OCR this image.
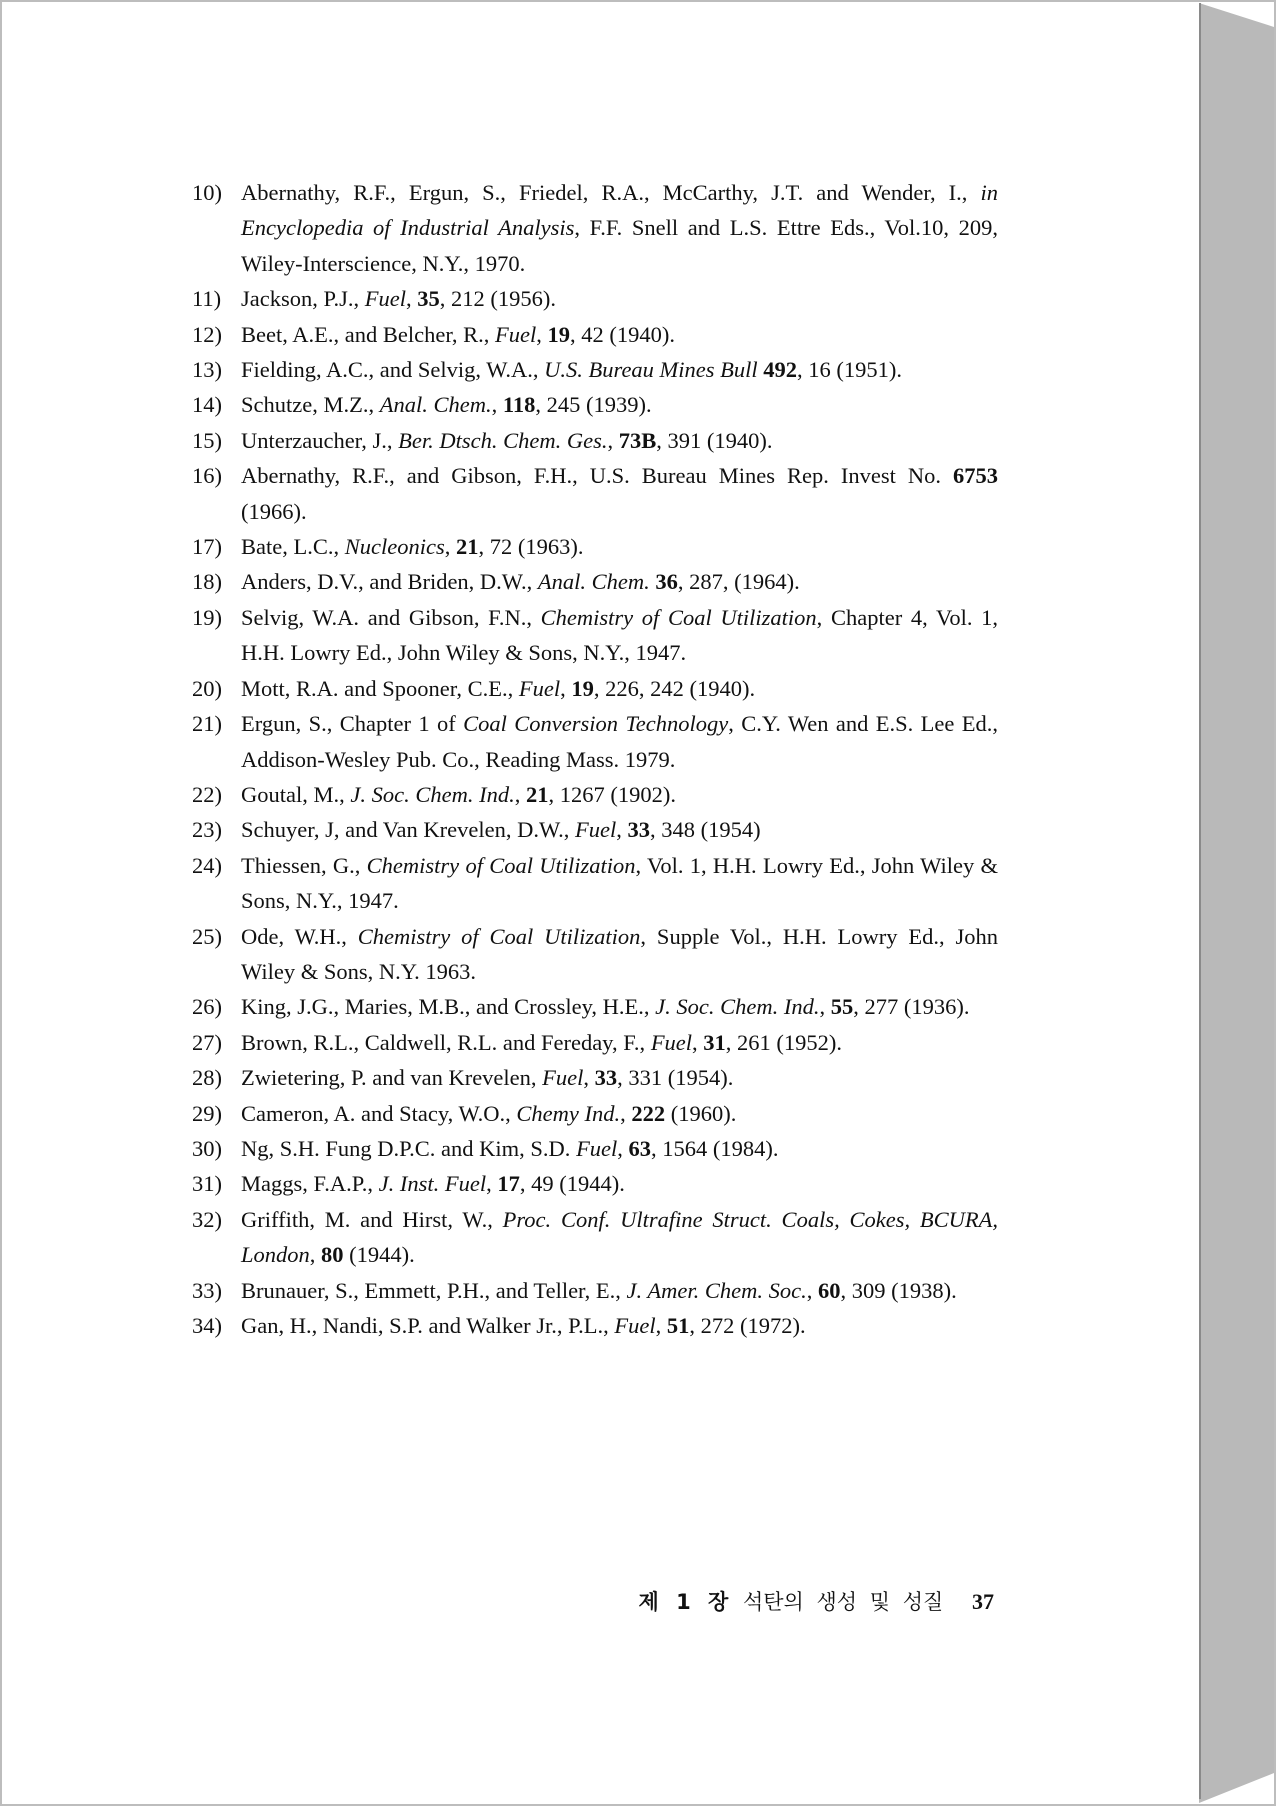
10) Abernathy, R.F., Ergun, S., Friedel, R.A., McCarthy, J.T. and Wender, I., in Encyclopedia of Industrial Analysis, F.F. Snell and L.S. Ettre Eds., Vol.10, 209, Wiley-Interscience, N.Y., 1970.
11) Jackson, P.J., Fuel, 35, 212 (1956).
12) Beet, A.E., and Belcher, R., Fuel, 19, 42 (1940).
13) Fielding, A.C., and Selvig, W.A., U.S. Bureau Mines Bull 492, 16 (1951).
14) Schutze, M.Z., Anal. Chem., 118, 245 (1939).
15) Unterzaucher, J., Ber. Dtsch. Chem. Ges., 73B, 391 (1940).
16) Abernathy, R.F., and Gibson, F.H., U.S. Bureau Mines Rep. Invest No. 6753 (1966).
17) Bate, L.C., Nucleonics, 21, 72 (1963).
18) Anders, D.V., and Briden, D.W., Anal. Chem. 36, 287, (1964).
19) Selvig, W.A. and Gibson, F.N., Chemistry of Coal Utilization, Chapter 4, Vol. 1, H.H. Lowry Ed., John Wiley & Sons, N.Y., 1947.
20) Mott, R.A. and Spooner, C.E., Fuel, 19, 226, 242 (1940).
21) Ergun, S., Chapter 1 of Coal Conversion Technology, C.Y. Wen and E.S. Lee Ed., Addison-Wesley Pub. Co., Reading Mass. 1979.
22) Goutal, M., J. Soc. Chem. Ind., 21, 1267 (1902).
23) Schuyer, J, and Van Krevelen, D.W., Fuel, 33, 348 (1954)
24) Thiessen, G., Chemistry of Coal Utilization, Vol. 1, H.H. Lowry Ed., John Wiley & Sons, N.Y., 1947.
25) Ode, W.H., Chemistry of Coal Utilization, Supple Vol., H.H. Lowry Ed., John Wiley & Sons, N.Y. 1963.
26) King, J.G., Maries, M.B., and Crossley, H.E., J. Soc. Chem. Ind., 55, 277 (1936).
27) Brown, R.L., Caldwell, R.L. and Fereday, F., Fuel, 31, 261 (1952).
28) Zwietering, P. and van Krevelen, Fuel, 33, 331 (1954).
29) Cameron, A. and Stacy, W.O., Chemy Ind., 222 (1960).
30) Ng, S.H. Fung D.P.C. and Kim, S.D. Fuel, 63, 1564 (1984).
31) Maggs, F.A.P., J. Inst. Fuel, 17, 49 (1944).
32) Griffith, M. and Hirst, W., Proc. Conf. Ultrafine Struct. Coals, Cokes, BCURA, London, 80 (1944).
33) Brunauer, S., Emmett, P.H., and Teller, E., J. Amer. Chem. Soc., 60, 309 (1938).
34) Gan, H., Nandi, S.P. and Walker Jr., P.L., Fuel, 51, 272 (1972).
제 1 장 석탄의 생성 및 성질 37
